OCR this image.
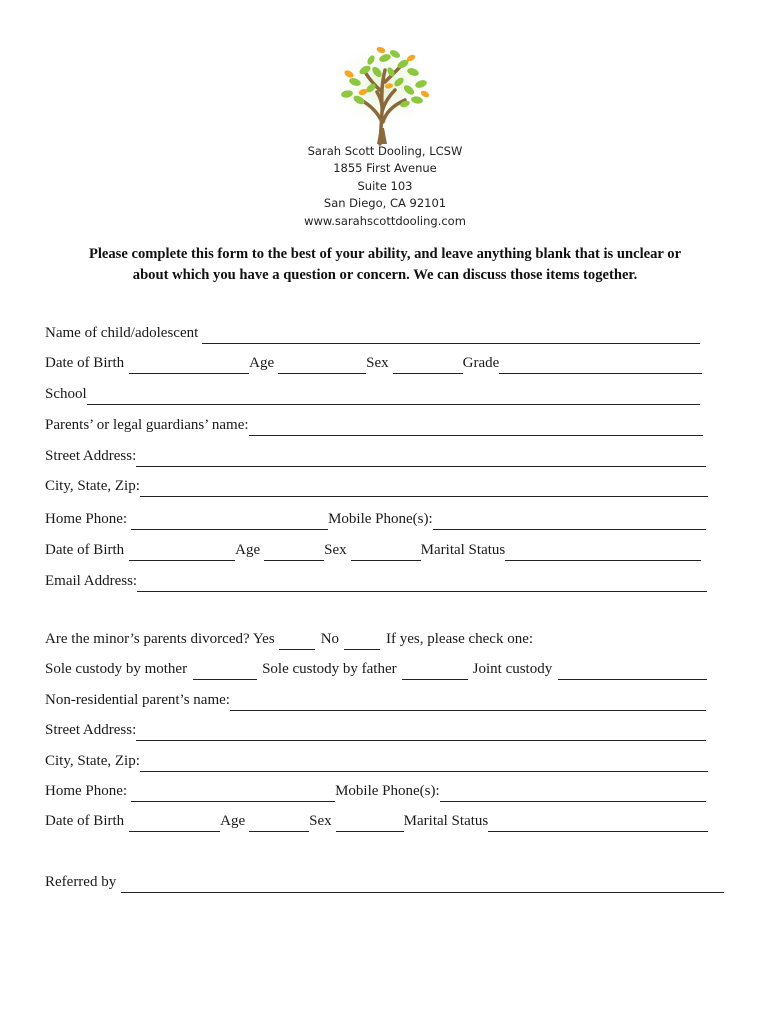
Sarah Scott Dooling, LCSW
1855 First Avenue
Suite 103
San Diego, CA 92101
www.sarahscottdooling.com
Please complete this form to the best of your ability, and leave anything blank that is unclear or
about which you have a question or concern. We can discuss those items together.
Name of child/adolescent
Date of Birth	Age	Sex	Grade
School
Parents’ or legal guardians’ name:
Street Address:
City, State, Zip:
Home Phone:	Mobile Phone(s):
Date of Birth	Age	Sex	Marital Status
Email Address:
Are the minor’s parents divorced? Yes	No	If yes, please check one:
Sole custody by mother	Sole custody by father	Joint custody
Non-residential parent’s name:
Street Address:
City, State, Zip:
Home Phone:	Mobile Phone(s):
Date of Birth	Age	Sex	Marital Status
Referred by
